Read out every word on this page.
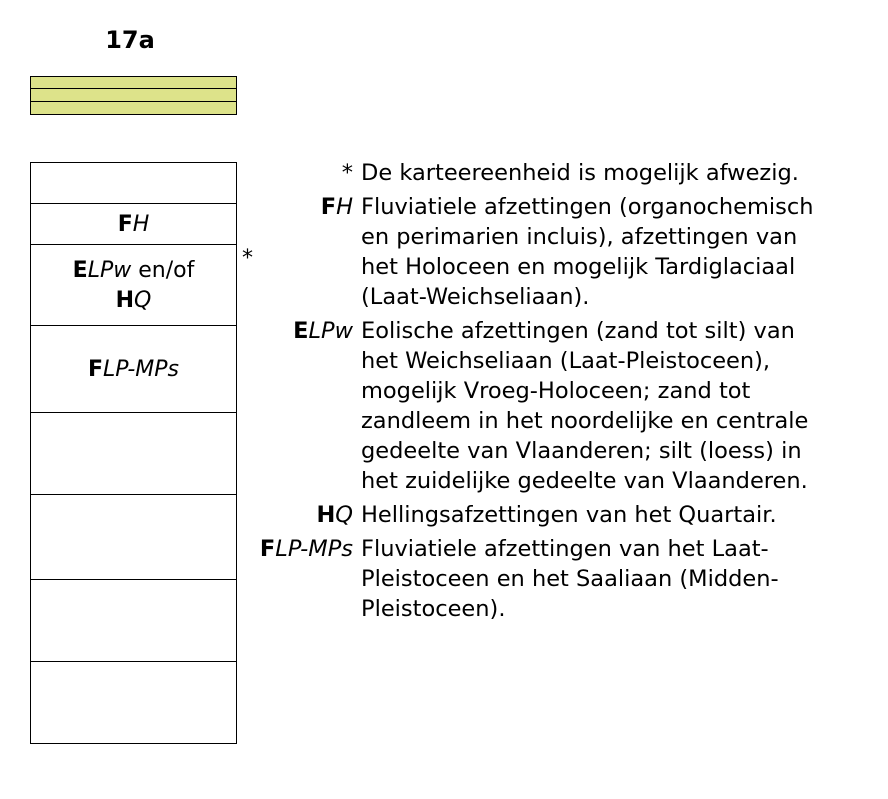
17a
FH
ELPw en/of
HQ
FLP-MPs
*
* De karteereenheid is mogelijk afwezig.
FH Fluviatiele afzettingen (organochemisch
en perimarien incluis), afzettingen van
het Holoceen en mogelijk Tardiglaciaal
(Laat-Weichseliaan).
ELPw Eolische afzettingen (zand tot silt) van
het Weichseliaan (Laat-Pleistoceen),
mogelijk Vroeg-Holoceen; zand tot
zandleem in het noordelijke en centrale
gedeelte van Vlaanderen; silt (loess) in
het zuidelijke gedeelte van Vlaanderen.
HQ Hellingsafzettingen van het Quartair.
FLP-MPs Fluviatiele afzettingen van het Laat-
Pleistoceen en het Saaliaan (Midden-
Pleistoceen).
